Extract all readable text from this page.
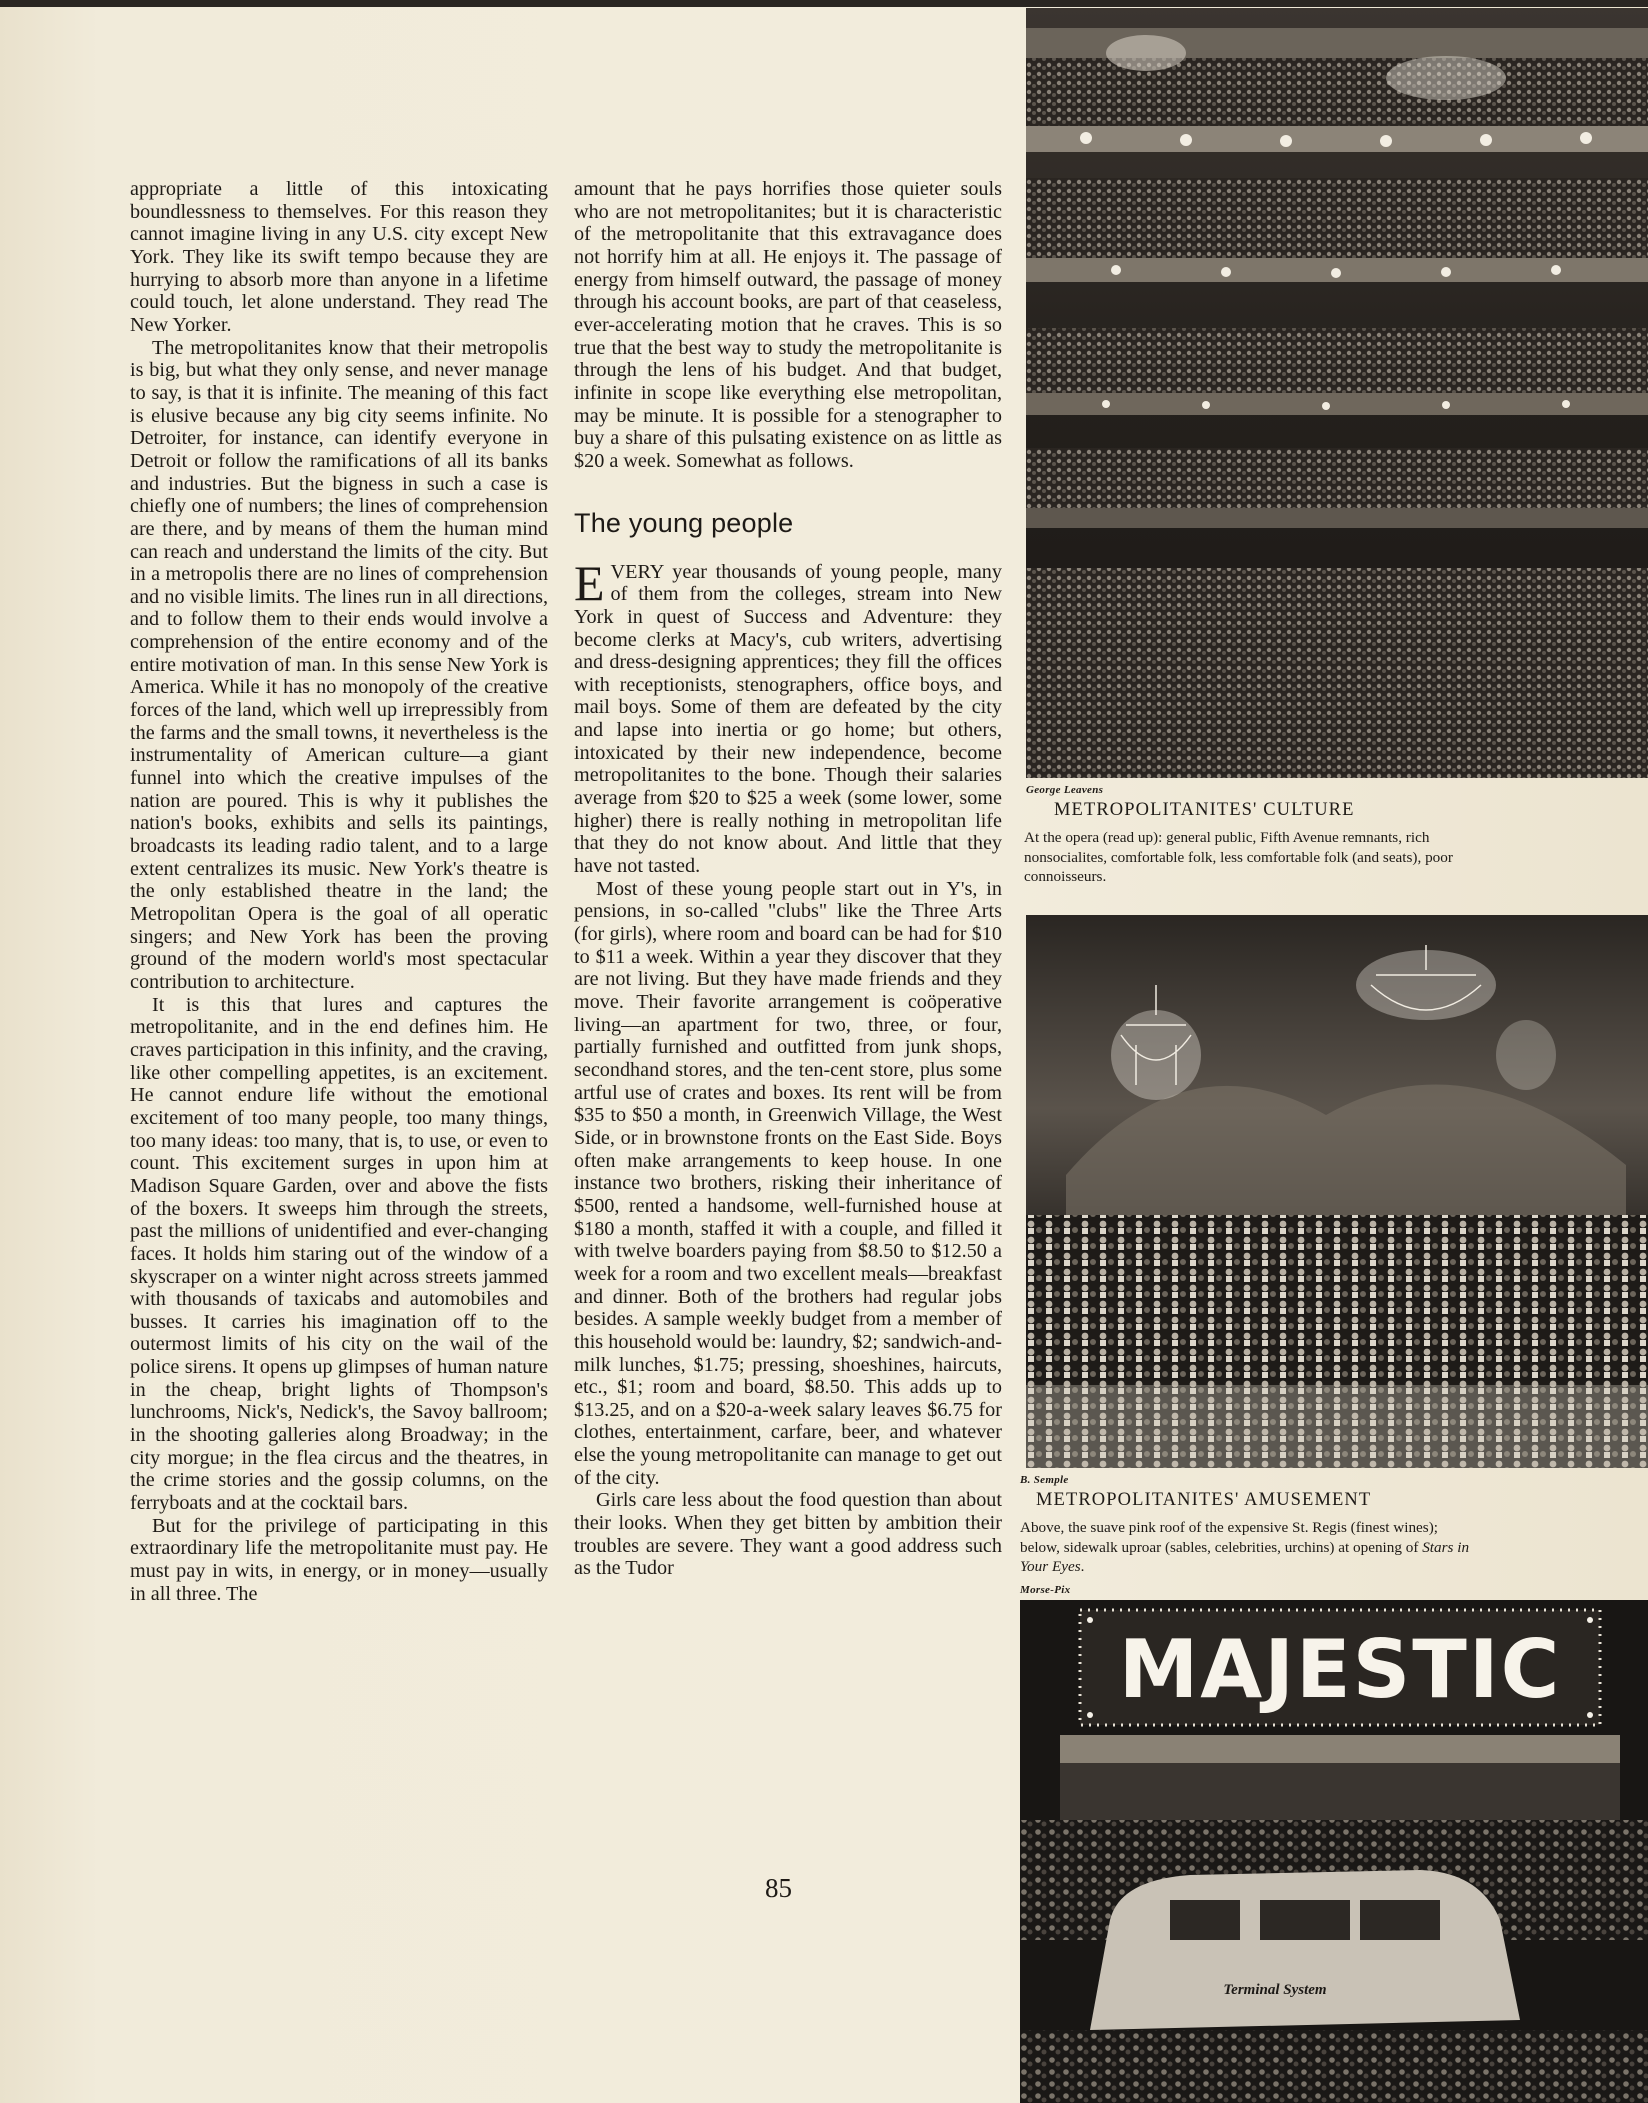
appropriate a little of this intoxicating boundlessness to themselves. For this reason they cannot imagine living in any U.S. city except New York. They like its swift tempo because they are hurrying to absorb more than anyone in a lifetime could touch, let alone understand. They read The New Yorker.

The metropolitanites know that their metropolis is big, but what they only sense, and never manage to say, is that it is infinite. The meaning of this fact is elusive because any big city seems infinite. No Detroiter, for instance, can identify everyone in Detroit or follow the ramifications of all its banks and industries. But the bigness in such a case is chiefly one of numbers; the lines of comprehension are there, and by means of them the human mind can reach and understand the limits of the city. But in a metropolis there are no lines of comprehension and no visible limits. The lines run in all directions, and to follow them to their ends would involve a comprehension of the entire economy and of the entire motivation of man. In this sense New York is America. While it has no monopoly of the creative forces of the land, which well up irrepressibly from the farms and the small towns, it nevertheless is the instrumentality of American culture—a giant funnel into which the creative impulses of the nation are poured. This is why it publishes the nation's books, exhibits and sells its paintings, broadcasts its leading radio talent, and to a large extent centralizes its music. New York's theatre is the only established theatre in the land; the Metropolitan Opera is the goal of all operatic singers; and New York has been the proving ground of the modern world's most spectacular contribution to architecture.

It is this that lures and captures the metropolitanite, and in the end defines him. He craves participation in this infinity, and the craving, like other compelling appetites, is an excitement. He cannot endure life without the emotional excitement of too many people, too many things, too many ideas: too many, that is, to use, or even to count. This excitement surges in upon him at Madison Square Garden, over and above the fists of the boxers. It sweeps him through the streets, past the millions of unidentified and ever-changing faces. It holds him staring out of the window of a skyscraper on a winter night across streets jammed with thousands of taxicabs and automobiles and busses. It carries his imagination off to the outermost limits of his city on the wail of the police sirens. It opens up glimpses of human nature in the cheap, bright lights of Thompson's lunchrooms, Nick's, Nedick's, the Savoy ballroom; in the shooting galleries along Broadway; in the city morgue; in the flea circus and the theatres, in the crime stories and the gossip columns, on the ferryboats and at the cocktail bars.

But for the privilege of participating in this extraordinary life the metropolitanite must pay. He must pay in wits, in energy, or in money—usually in all three. The

amount that he pays horrifies those quieter souls who are not metropolitanites; but it is characteristic of the metropolitanite that this extravagance does not horrify him at all. He enjoys it. The passage of energy from himself outward, the passage of money through his account books, are part of that ceaseless, ever-accelerating motion that he craves. This is so true that the best way to study the metropolitanite is through the lens of his budget. And that budget, infinite in scope like everything else metropolitan, may be minute. It is possible for a stenographer to buy a share of this pulsating existence on as little as $20 a week. Somewhat as follows.

The young people

EVERY year thousands of young people, many of them from the colleges, stream into New York in quest of Success and Adventure: they become clerks at Macy's, cub writers, advertising and dress-designing apprentices; they fill the offices with receptionists, stenographers, office boys, and mail boys. Some of them are defeated by the city and lapse into inertia or go home; but others, intoxicated by their new independence, become metropolitanites to the bone. Though their salaries average from $20 to $25 a week (some lower, some higher) there is really nothing in metropolitan life that they do not know about. And little that they have not tasted.

Most of these young people start out in Y's, in pensions, in so-called "clubs" like the Three Arts (for girls), where room and board can be had for $10 to $11 a week. Within a year they discover that they are not living. But they have made friends and they move. Their favorite arrangement is coöperative living—an apartment for two, three, or four, partially furnished and outfitted from junk shops, secondhand stores, and the ten-cent store, plus some artful use of crates and boxes. Its rent will be from $35 to $50 a month, in Greenwich Village, the West Side, or in brownstone fronts on the East Side. Boys often make arrangements to keep house. In one instance two brothers, risking their inheritance of $500, rented a handsome, well-furnished house at $180 a month, staffed it with a couple, and filled it with twelve boarders paying from $8.50 to $12.50 a week for a room and two excellent meals—breakfast and dinner. Both of the brothers had regular jobs besides. A sample weekly budget from a member of this household would be: laundry, $2; sandwich-and-milk lunches, $1.75; pressing, shoeshines, haircuts, etc., $1; room and board, $8.50. This adds up to $13.25, and on a $20-a-week salary leaves $6.75 for clothes, entertainment, carfare, beer, and whatever else the young metropolitanite can manage to get out of the city.

Girls care less about the food question than about their looks. When they get bitten by ambition their troubles are severe. They want a good address such as the Tudor

George Leavens
METROPOLITANITES' CULTURE
At the opera (read up): general public, Fifth Avenue remnants, rich nonsocialites, comfortable folk, less comfortable folk (and seats), poor connoisseurs.
B. Semple
METROPOLITANITES' AMUSEMENT
Above, the suave pink roof of the expensive St. Regis (finest wines); below, sidewalk uproar (sables, celebrities, urchins) at opening of Stars in Your Eyes.
Morse-Pix
MAJESTIC
Terminal System
85
